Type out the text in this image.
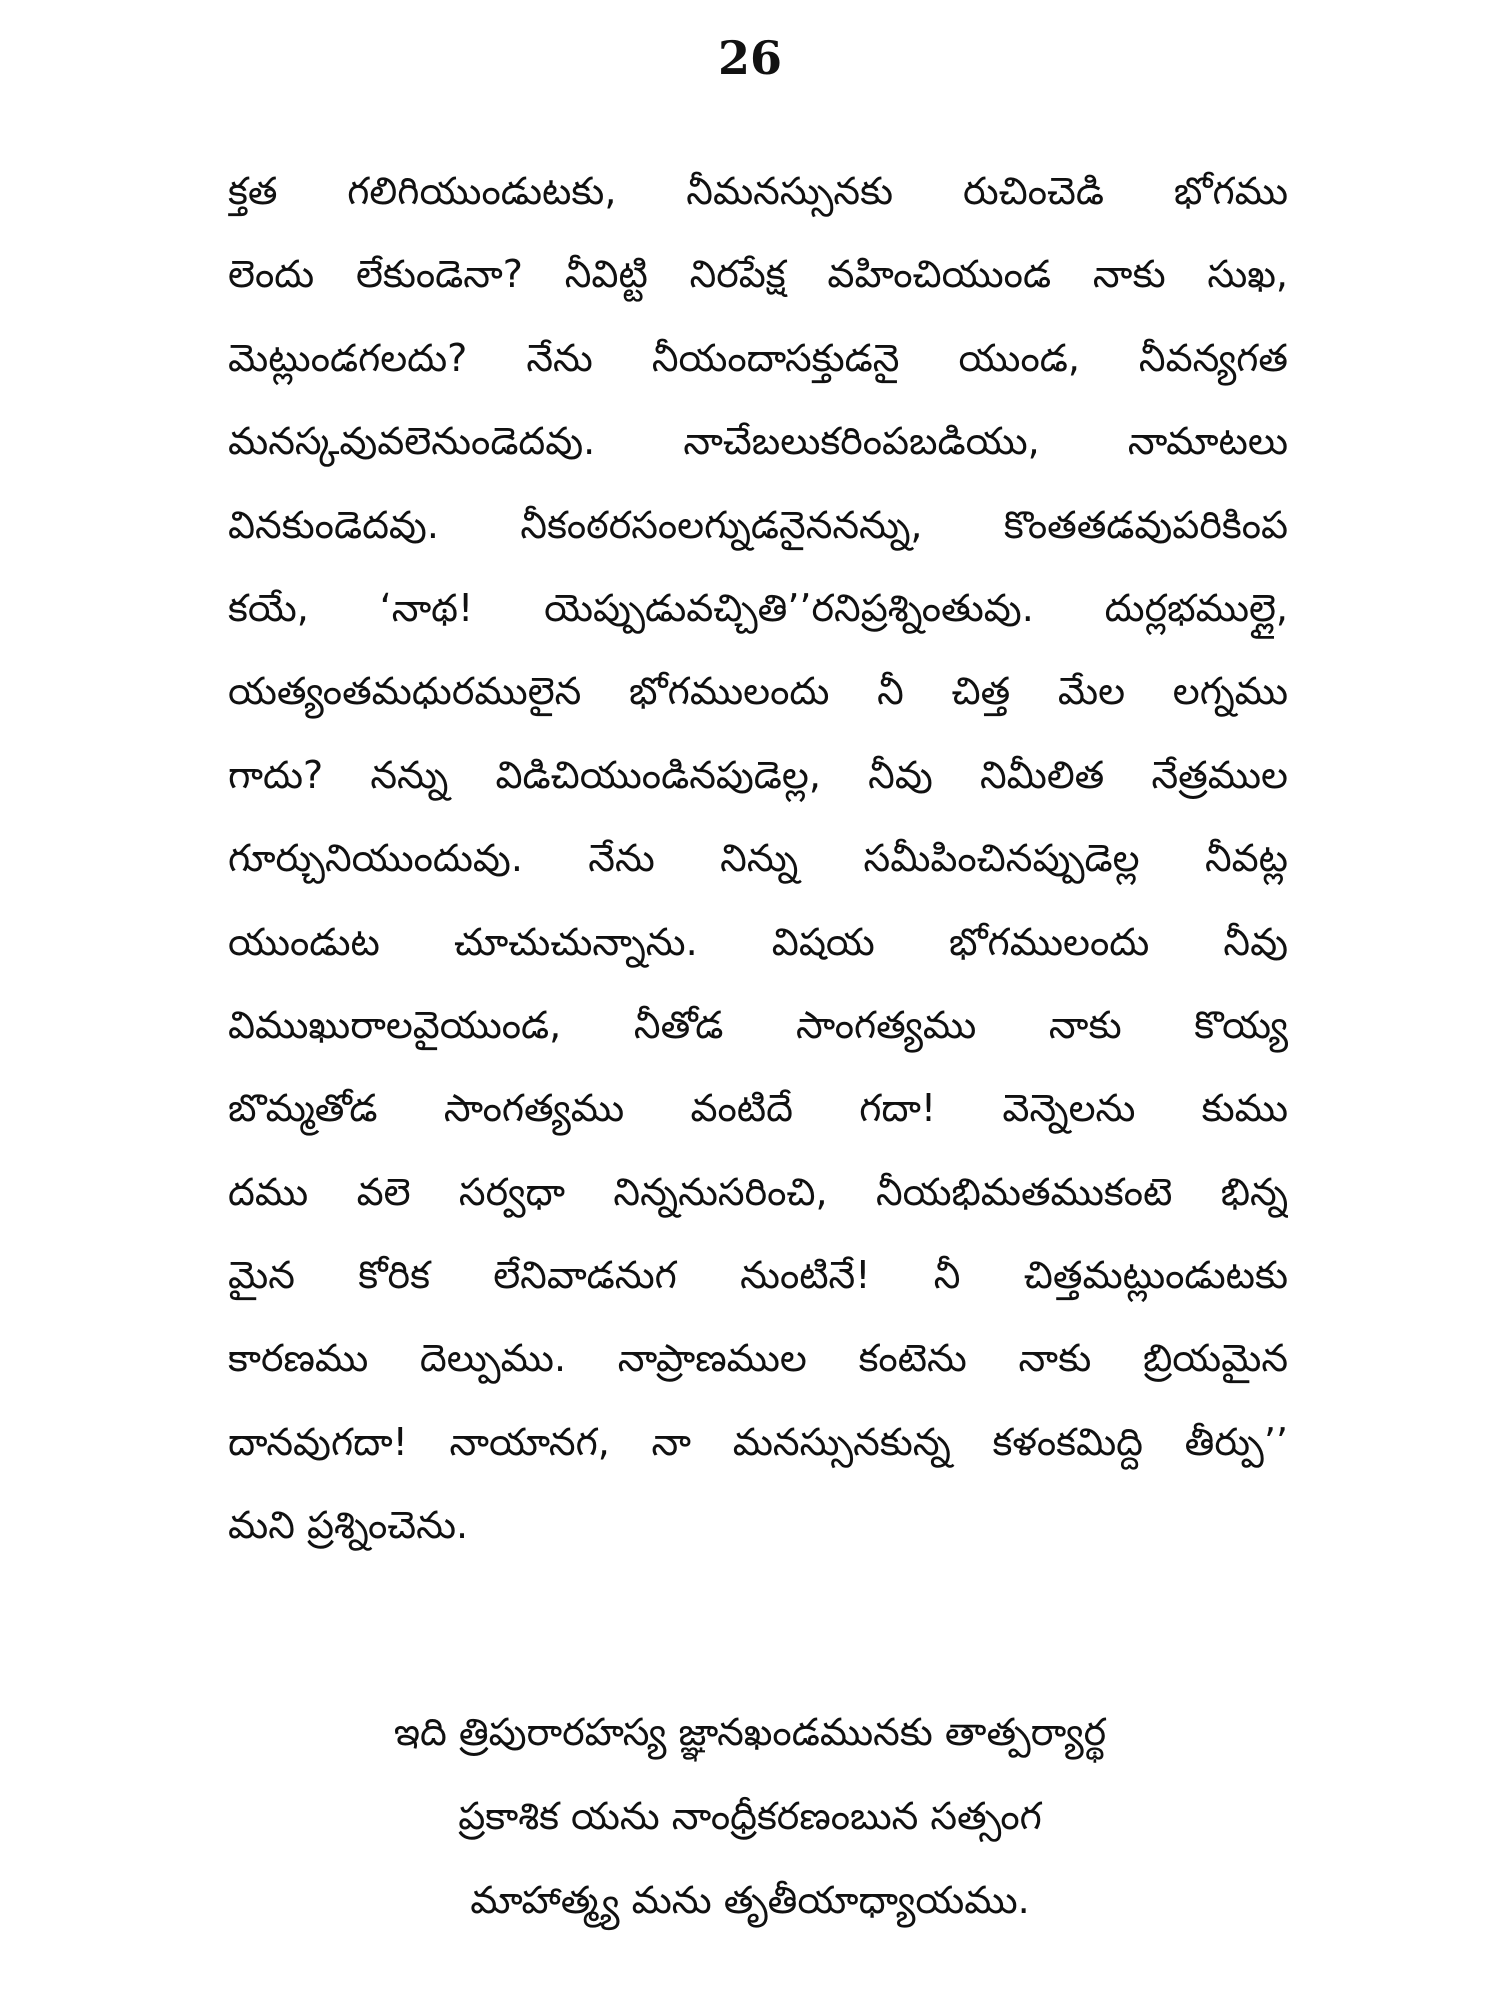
26
క్తత గలిగియుండుటకు, నీమనస్సునకు రుచించెడి భోగము
లెందు లేకుండెనా? నీవిట్టి నిరపేక్ష వహించియుండ నాకు సుఖ,
మెట్లుండగలదు? నేను నీయందాసక్తుడనై యుండ, నీవన్యగత
మనస్కవువలెనుండెదవు. నాచేబలుకరింపబడియు, నామాటలు
వినకుండెదవు. నీకంఠరసంలగ్నుడనైననన్ను, కొంతతడవుపరికింప
కయే, ‘నాథ! యెప్పుడువచ్చితి’’రనిప్రశ్నింతువు. దుర్లభముల్లై,
యత్యంతమధురములైన భోగములందు నీ చిత్త మేల లగ్నము
గాదు? నన్ను విడిచియుండినపుడెల్ల, నీవు నిమీలిత నేత్రముల
గూర్చునియుందువు. నేను నిన్ను సమీపించినప్పుడెల్ల నీవట్ల
యుండుట చూచుచున్నాను. విషయ భోగములందు నీవు
విముఖురాలవైయుండ, నీతోడ సాంగత్యము నాకు కొయ్య
బొమ్మతోడ సాంగత్యము వంటిదే గదా! వెన్నెలను కుము
దము వలె సర్వధా నిన్ననుసరించి, నీయభిమతముకంటె భిన్న
మైన కోరిక లేనివాడనుగ నుంటినే! నీ చిత్తమట్లుండుటకు
కారణము దెల్పుము. నాప్రాణముల కంటెను నాకు బ్రియమైన
దానవుగదా! నాయానగ, నా మనస్సునకున్న కళంకమిద్ది తీర్పు’’
మని ప్రశ్నించెను.
ఇది త్రిపురారహస్య జ్ఞానఖండమునకు తాత్పర్యార్థ
ప్రకాశిక యను నాంధ్రీకరణంబున సత్సంగ
మాహాత్మ్య మను తృతీయాధ్యాయము.
